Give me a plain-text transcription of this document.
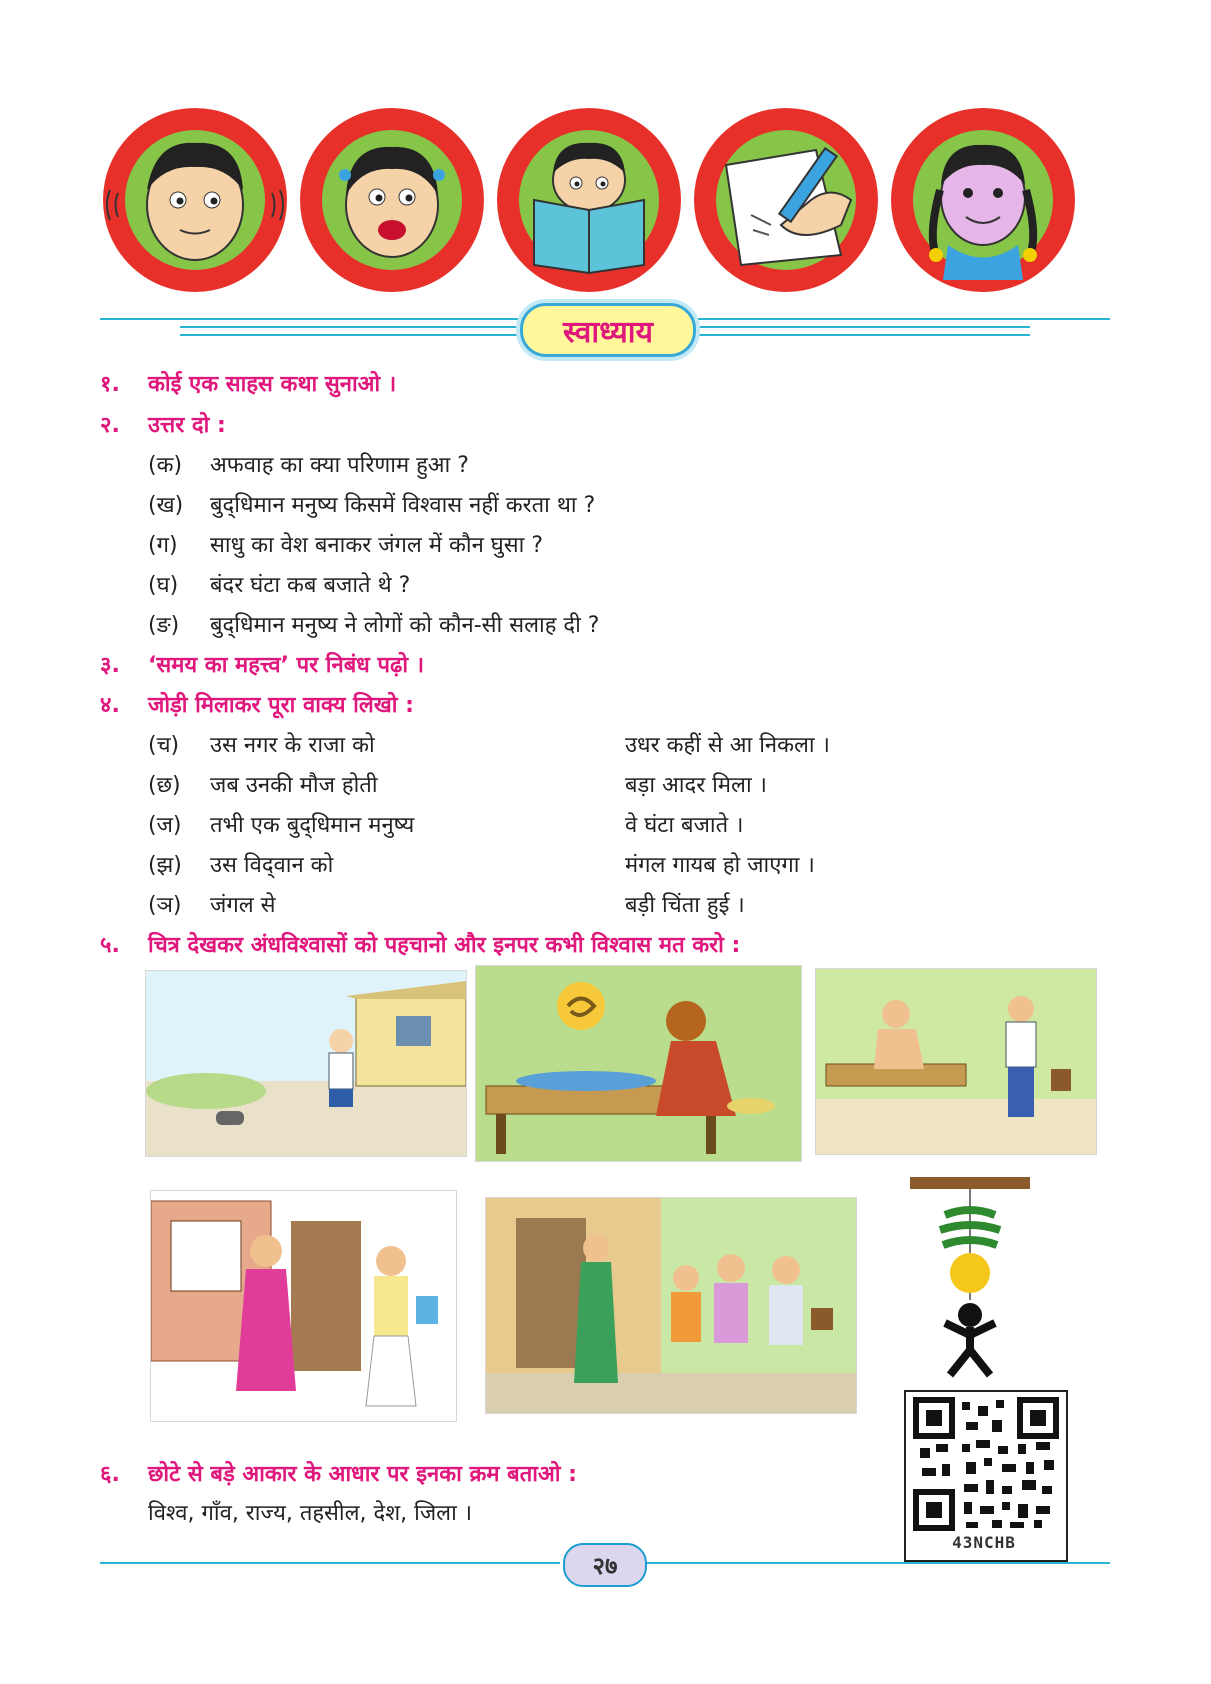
स्वाध्याय
१. कोई एक साहस कथा सुनाओ ।
२. उत्तर दो :
(क) अफवाह का क्या परिणाम हुआ ?
(ख) बुद्‌धिमान मनुष्य किसमें विश्वास नहीं करता था ?
(ग) साधु का वेश बनाकर जंगल में कौन घुसा ?
(घ) बंदर घंटा कब बजाते थे ?
(ङ) बुद्‌धिमान मनुष्य ने लोगों को कौन-सी सलाह दी ?
३. ‘समय का महत्त्व’ पर निबंध पढ़ो ।
४. जोड़ी मिलाकर पूरा वाक्य लिखो :
(च) उस नगर के राजा को	उधर कहीं से आ निकला ।
(छ) जब उनकी मौज होती	बड़ा आदर मिला ।
(ज) तभी एक बुद्‌धिमान मनुष्य	वे घंटा बजाते ।
(झ) उस विद्‌वान को	मंगल गायब हो जाएगा ।
(ञ) जंगल से	बड़ी चिंता हुई ।
५. चित्र देखकर अंधविश्वासों को पहचानो और इनपर कभी विश्वास मत करो :
43NCHB
६. छोटे से बड़े आकार के आधार पर इनका क्रम बताओ :
विश्‍व, गाँव, राज्य, तहसील, देश, जिला ।
२७
